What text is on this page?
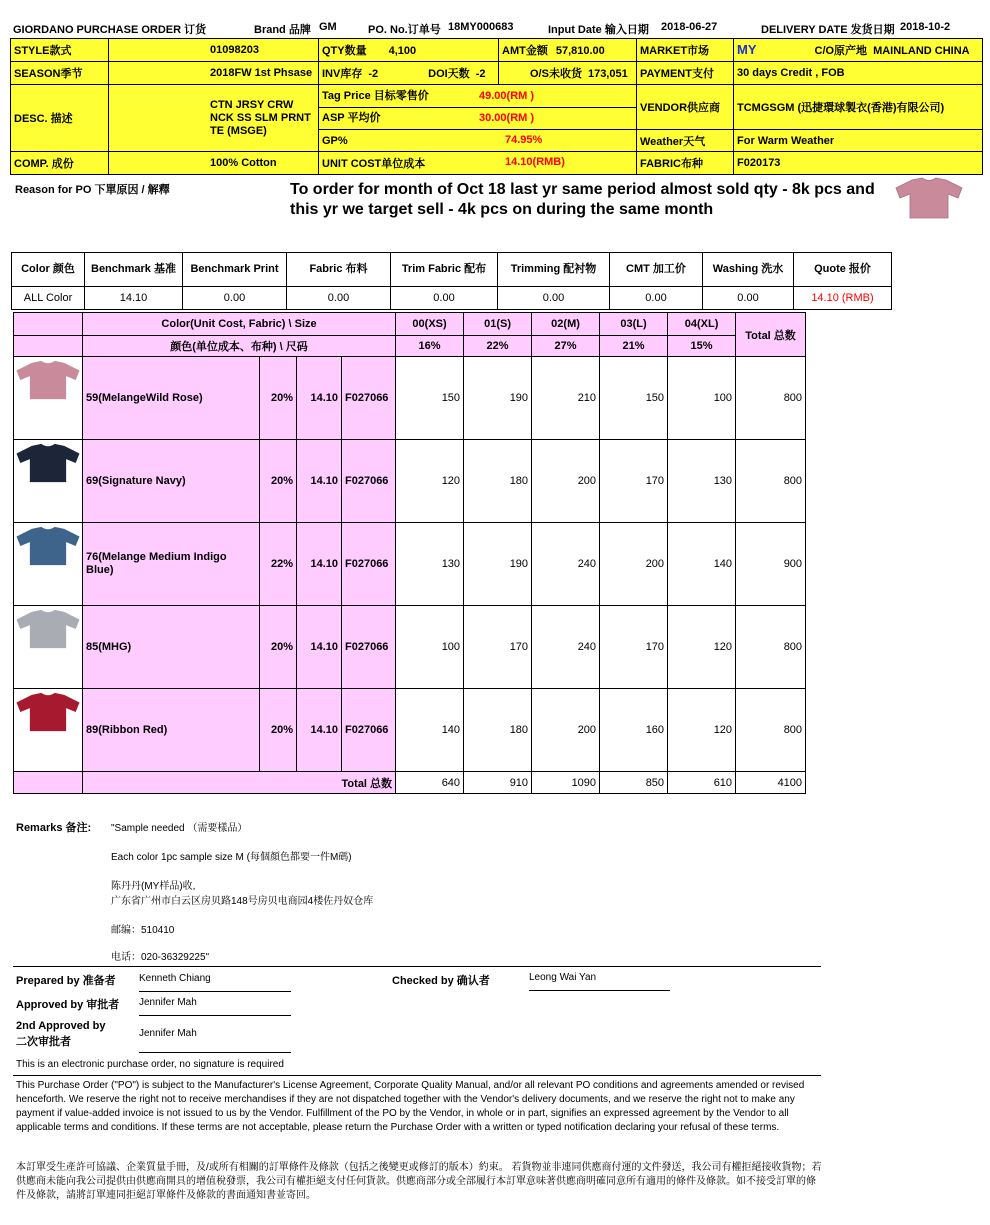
GIORDANO PURCHASE ORDER 订货	Brand 品牌 GM	PO. No.订单号 18MY000683	Input Date 输入日期 2018-06-27	DELIVERY DATE 发货日期 2018-10-2
STYLE款式	01098203	QTY数量 4,100	AMT金额 57,810.00	MARKET市场	MY C/O原产地 MAINLAND CHINA
SEASON季节	2018FW 1st Phsase	INV库存 -2 DOI天数 -2	O/S未收货 173,051	PAYMENT支付	30 days Credit , FOB
DESC. 描述	CTN JRSY CRW NCK SS SLM PRNT TE (MSGE)	Tag Price 目标零售价 49.00(RM )
ASP 平均价 30.00(RM )		VENDOR供应商	TCMGSGM (迅捷環球製衣(香港)有限公司)
		GP% 74.95%		Weather天气	For Warm Weather
COMP. 成份	100% Cotton	UNIT COST单位成本 14.10(RMB)		FABRIC布种	F020173
Reason for PO 下單原因 / 解釋	To order for month of Oct 18 last yr same period almost sold qty - 8k pcs and this yr we target sell - 4k pcs on during the same month
Color 颜色	Benchmark 基准	Benchmark Print	Fabric 布料	Trim Fabric 配布	Trimming 配衬物	CMT 加工价	Washing 洗水	Quote 报价
ALL Color	14.10	0.00	0.00	0.00	0.00	0.00	0.00	14.10 (RMB)
	Color(Unit Cost, Fabric) \ Size				00(XS)	01(S)	02(M)	03(L)	04(XL)	Total 总数
	颜色(单位成本、布种) \ 尺码				16%	22%	27%	21%	15%	
	59(MelangeWild Rose)	20%	14.10	F027066	150	190	210	150	100	800
	69(Signature Navy)	20%	14.10	F027066	120	180	200	170	130	800
	76(Melange Medium Indigo Blue)	22%	14.10	F027066	130	190	240	200	140	900
	85(MHG)	20%	14.10	F027066	100	170	240	170	120	800
	89(Ribbon Red)	20%	14.10	F027066	140	180	200	160	120	800
	Total 总数				640	910	1090	850	610	4100
Remarks 备注: "Sample needed （需要樣品）
Each color 1pc sample size M (每個顏色都要一件M碼)
陈丹丹(MY样品)收,
广东省广州市白云区房贝路148号房贝电商园4楼佐丹奴仓库
邮编：510410
电话：020-36329225"
Prepared by 准备者 Kenneth Chiang	Checked by 确认者	Leong Wai Yan
Approved by 审批者 Jennifer Mah
2nd Approved by
二次审批者
Jennifer Mah
This is an electronic purchase order, no signature is required
This Purchase Order ("PO") is subject to the Manufacturer's License Agreement, Corporate Quality Manual, and/or all relevant PO conditions and agreements amended or revised henceforth. We reserve the right not to receive merchandises if they are not dispatched together with the Vendor's delivery documents, and we reserve the right not to make any payment if value-added invoice is not issued to us by the Vendor. Fulfillment of the PO by the Vendor, in whole or in part, signifies an expressed agreement by the Vendor to all applicable terms and conditions. If these terms are not acceptable, please return the Purchase Order with a written or typed notification declaring your refusal of these terms.
本訂單受生產許可協議、企業質量手冊，及/或所有相關的訂單條件及條款（包括之後變更或修訂的版本）約束。 若貨物並非連同供應商付運的文件發送，我公司有權拒絕接收貨物；若供應商未能向我公司提供由供應商開具的增值稅發票，我公司有權拒絕支付任何貨款。供應商部分或全部履行本訂單意味著供應商明確同意所有適用的條件及條款。如不接受訂單的條件及條款，請將訂單連同拒絕訂單條件及條款的書面通知書並寄回。
